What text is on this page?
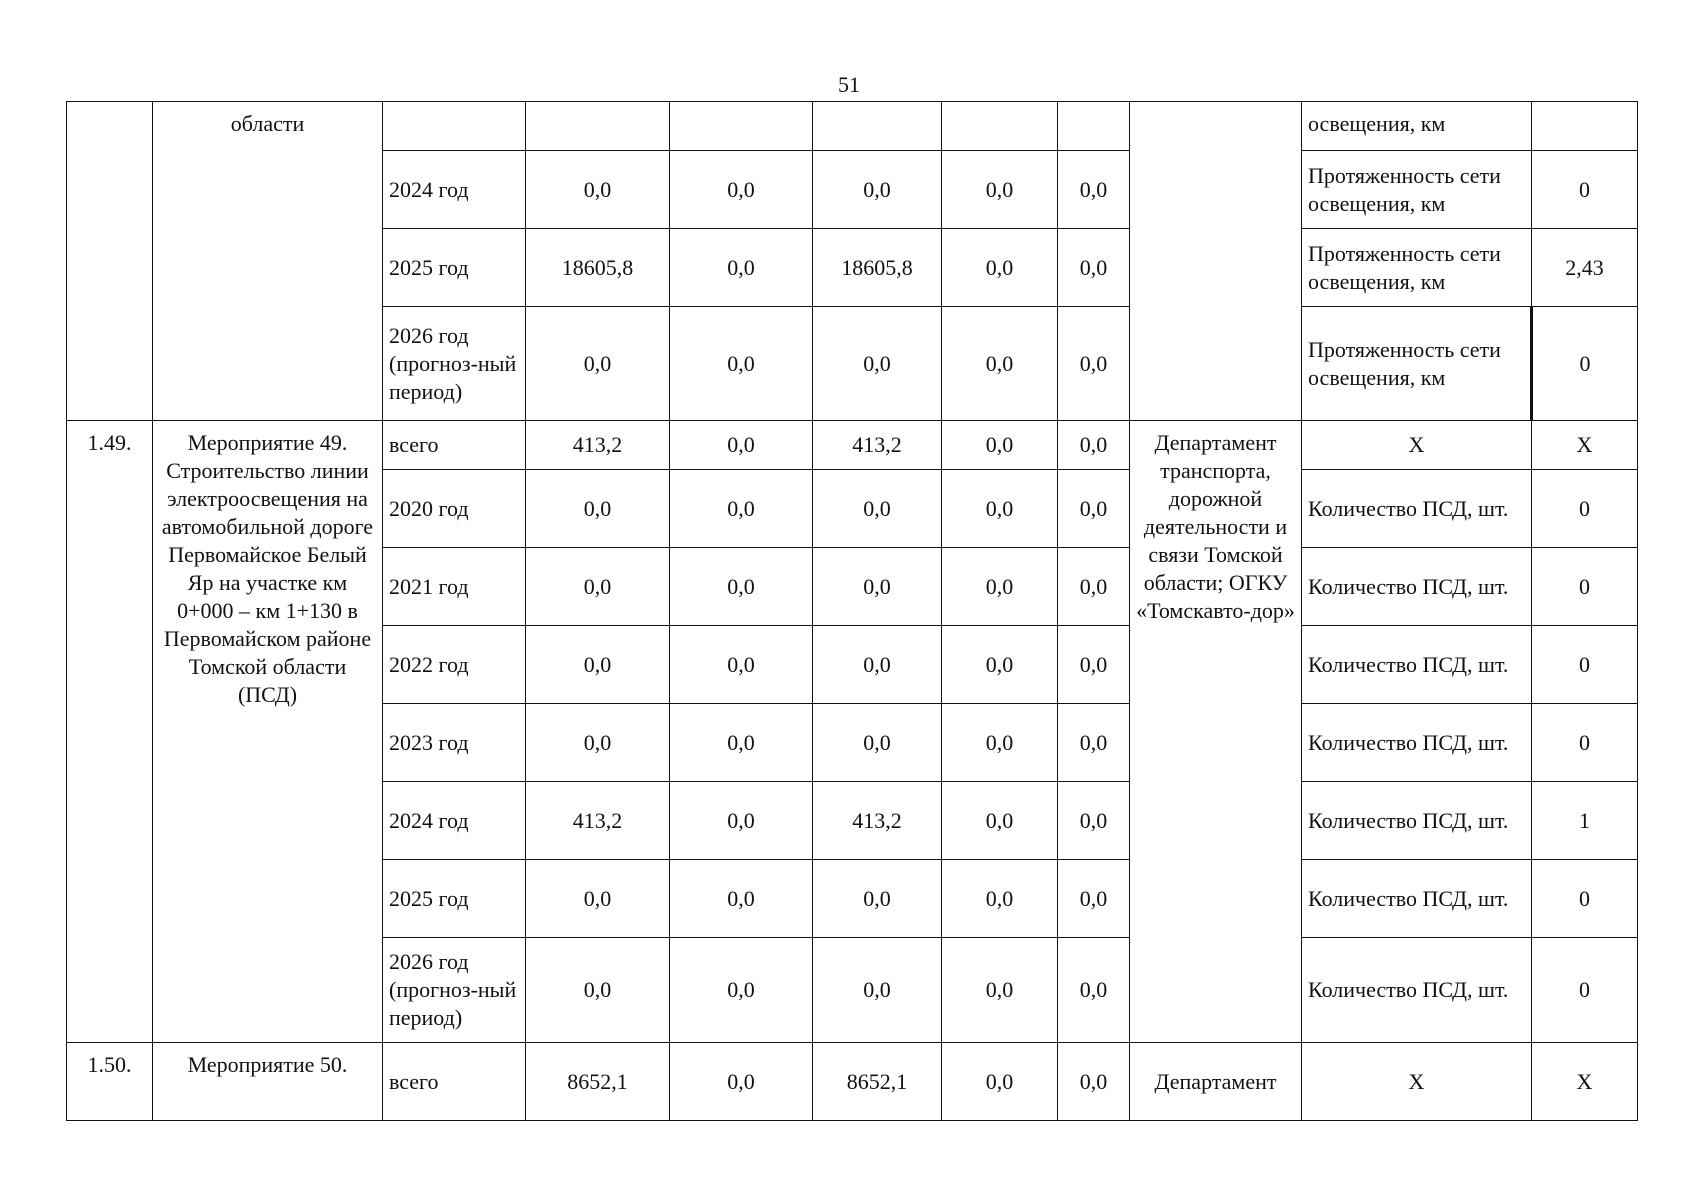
51
	области								освещения, км	
		2024 год	0,0	0,0	0,0	0,0	0,0		Протяженность сети освещения, км	0
		2025 год	18605,8	0,0	18605,8	0,0	0,0		Протяженность сети освещения, км	2,43
		2026 год (прогноз-ный период)	0,0	0,0	0,0	0,0	0,0		Протяженность сети освещения, км	0
1.49.	Мероприятие 49. Строительство линии электроосвещения на автомобильной дороге Первомайское Белый Яр на участке км 0+000 – км 1+130 в Первомайском районе Томской области (ПСД)	всего	413,2	0,0	413,2	0,0	0,0	Департамент транспорта, дорожной деятельности и связи Томской области; ОГКУ «Томскавто-дор»	Х	Х
		2020 год	0,0	0,0	0,0	0,0	0,0		Количество ПСД, шт.	0
		2021 год	0,0	0,0	0,0	0,0	0,0		Количество ПСД, шт.	0
		2022 год	0,0	0,0	0,0	0,0	0,0		Количество ПСД, шт.	0
		2023 год	0,0	0,0	0,0	0,0	0,0		Количество ПСД, шт.	0
		2024 год	413,2	0,0	413,2	0,0	0,0		Количество ПСД, шт.	1
		2025 год	0,0	0,0	0,0	0,0	0,0		Количество ПСД, шт.	0
		2026 год (прогноз-ный период)	0,0	0,0	0,0	0,0	0,0		Количество ПСД, шт.	0
1.50.	Мероприятие 50.	всего	8652,1	0,0	8652,1	0,0	0,0	Департамент	Х	Х
